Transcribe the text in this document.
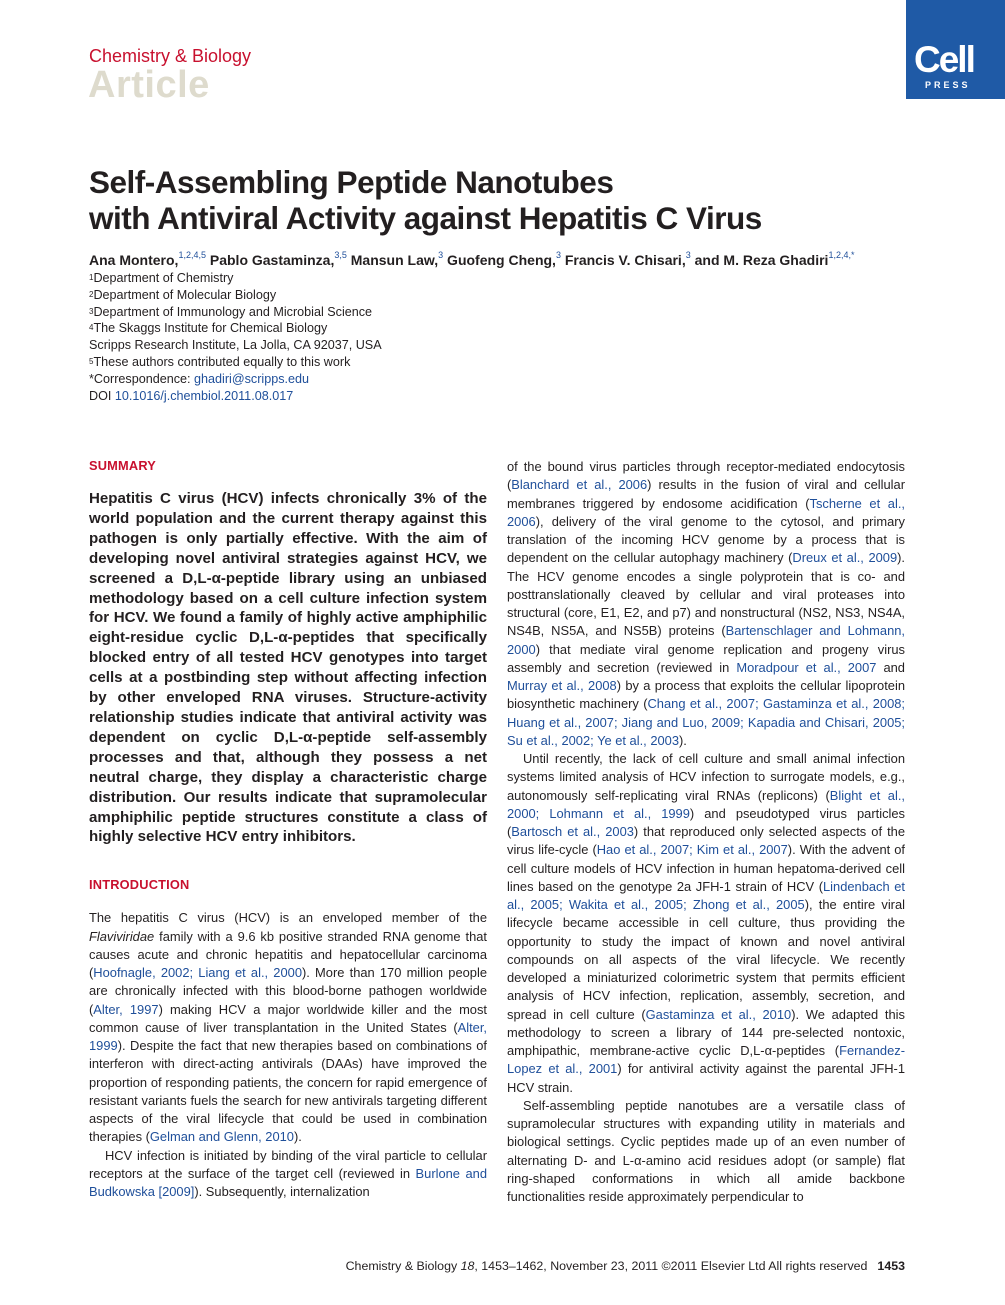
Chemistry & Biology
Article
Cell
PRESS
Self-Assembling Peptide Nanotubes
with Antiviral Activity against Hepatitis C Virus
Ana Montero,$^{1,2,4,5}$ Pablo Gastaminza,$^{3,5}$ Mansun Law,$^3$ Guofeng Cheng,$^3$ Francis V. Chisari,$^3$ and M. Reza Ghadiri$^{1,2,4,*}$
$^1$Department of Chemistry
$^2$Department of Molecular Biology
$^3$Department of Immunology and Microbial Science
$^4$The Skaggs Institute for Chemical Biology
Scripps Research Institute, La Jolla, CA 92037, USA
$^5$These authors contributed equally to this work
*Correspondence: ghadiri@scripps.edu
DOI 10.1016/j.chembiol.2011.08.017
SUMMARY

Hepatitis C virus (HCV) infects chronically 3% of the world population and the current therapy against this pathogen is only partially effective. With the aim of developing novel antiviral strategies against HCV, we screened a D,L-α-peptide library using an unbiased methodology based on a cell culture infection system for HCV. We found a family of highly active amphiphilic eight-residue cyclic D,L-α-peptides that specifically blocked entry of all tested HCV genotypes into target cells at a postbinding step without affecting infection by other enveloped RNA viruses. Structure-activity relationship studies indicate that antiviral activity was dependent on cyclic D,L-α-peptide self-assembly processes and that, although they possess a net neutral charge, they display a characteristic charge distribution. Our results indicate that supramolecular amphiphilic peptide structures constitute a class of highly selective HCV entry inhibitors.

INTRODUCTION

The hepatitis C virus (HCV) is an enveloped member of the Flaviviridae family with a 9.6 kb positive stranded RNA genome that causes acute and chronic hepatitis and hepatocellular carcinoma (Hoofnagle, 2002; Liang et al., 2000). More than 170 million people are chronically infected with this blood-borne pathogen worldwide (Alter, 1997) making HCV a major worldwide killer and the most common cause of liver transplantation in the United States (Alter, 1999). Despite the fact that new therapies based on combinations of interferon with direct-acting antivirals (DAAs) have improved the proportion of responding patients, the concern for rapid emergence of resistant variants fuels the search for new antivirals targeting different aspects of the viral lifecycle that could be used in combination therapies (Gelman and Glenn, 2010).

HCV infection is initiated by binding of the viral particle to cellular receptors at the surface of the target cell (reviewed in Burlone and Budkowska [2009]). Subsequently, internalization

of the bound virus particles through receptor-mediated endocytosis (Blanchard et al., 2006) results in the fusion of viral and cellular membranes triggered by endosome acidification (Tscherne et al., 2006), delivery of the viral genome to the cytosol, and primary translation of the incoming HCV genome by a process that is dependent on the cellular autophagy machinery (Dreux et al., 2009). The HCV genome encodes a single polyprotein that is co- and posttranslationally cleaved by cellular and viral proteases into structural (core, E1, E2, and p7) and nonstructural (NS2, NS3, NS4A, NS4B, NS5A, and NS5B) proteins (Bartenschlager and Lohmann, 2000) that mediate viral genome replication and progeny virus assembly and secretion (reviewed in Moradpour et al., 2007 and Murray et al., 2008) by a process that exploits the cellular lipoprotein biosynthetic machinery (Chang et al., 2007; Gastaminza et al., 2008; Huang et al., 2007; Jiang and Luo, 2009; Kapadia and Chisari, 2005; Su et al., 2002; Ye et al., 2003).

Until recently, the lack of cell culture and small animal infection systems limited analysis of HCV infection to surrogate models, e.g., autonomously self-replicating viral RNAs (replicons) (Blight et al., 2000; Lohmann et al., 1999) and pseudotyped virus particles (Bartosch et al., 2003) that reproduced only selected aspects of the virus life-cycle (Hao et al., 2007; Kim et al., 2007). With the advent of cell culture models of HCV infection in human hepatoma-derived cell lines based on the genotype 2a JFH-1 strain of HCV (Lindenbach et al., 2005; Wakita et al., 2005; Zhong et al., 2005), the entire viral lifecycle became accessible in cell culture, thus providing the opportunity to study the impact of known and novel antiviral compounds on all aspects of the viral lifecycle. We recently developed a miniaturized colorimetric system that permits efficient analysis of HCV infection, replication, assembly, secretion, and spread in cell culture (Gastaminza et al., 2010). We adapted this methodology to screen a library of 144 pre-selected nontoxic, amphipathic, membrane-active cyclic D,L-α-peptides (Fernandez-Lopez et al., 2001) for antiviral activity against the parental JFH-1 HCV strain.

Self-assembling peptide nanotubes are a versatile class of supramolecular structures with expanding utility in materials and biological settings. Cyclic peptides made up of an even number of alternating D- and L-α-amino acid residues adopt (or sample) flat ring-shaped conformations in which all amide backbone functionalities reside approximately perpendicular to

Chemistry & Biology 18, 1453–1462, November 23, 2011 ©2011 Elsevier Ltd All rights reserved 1453
